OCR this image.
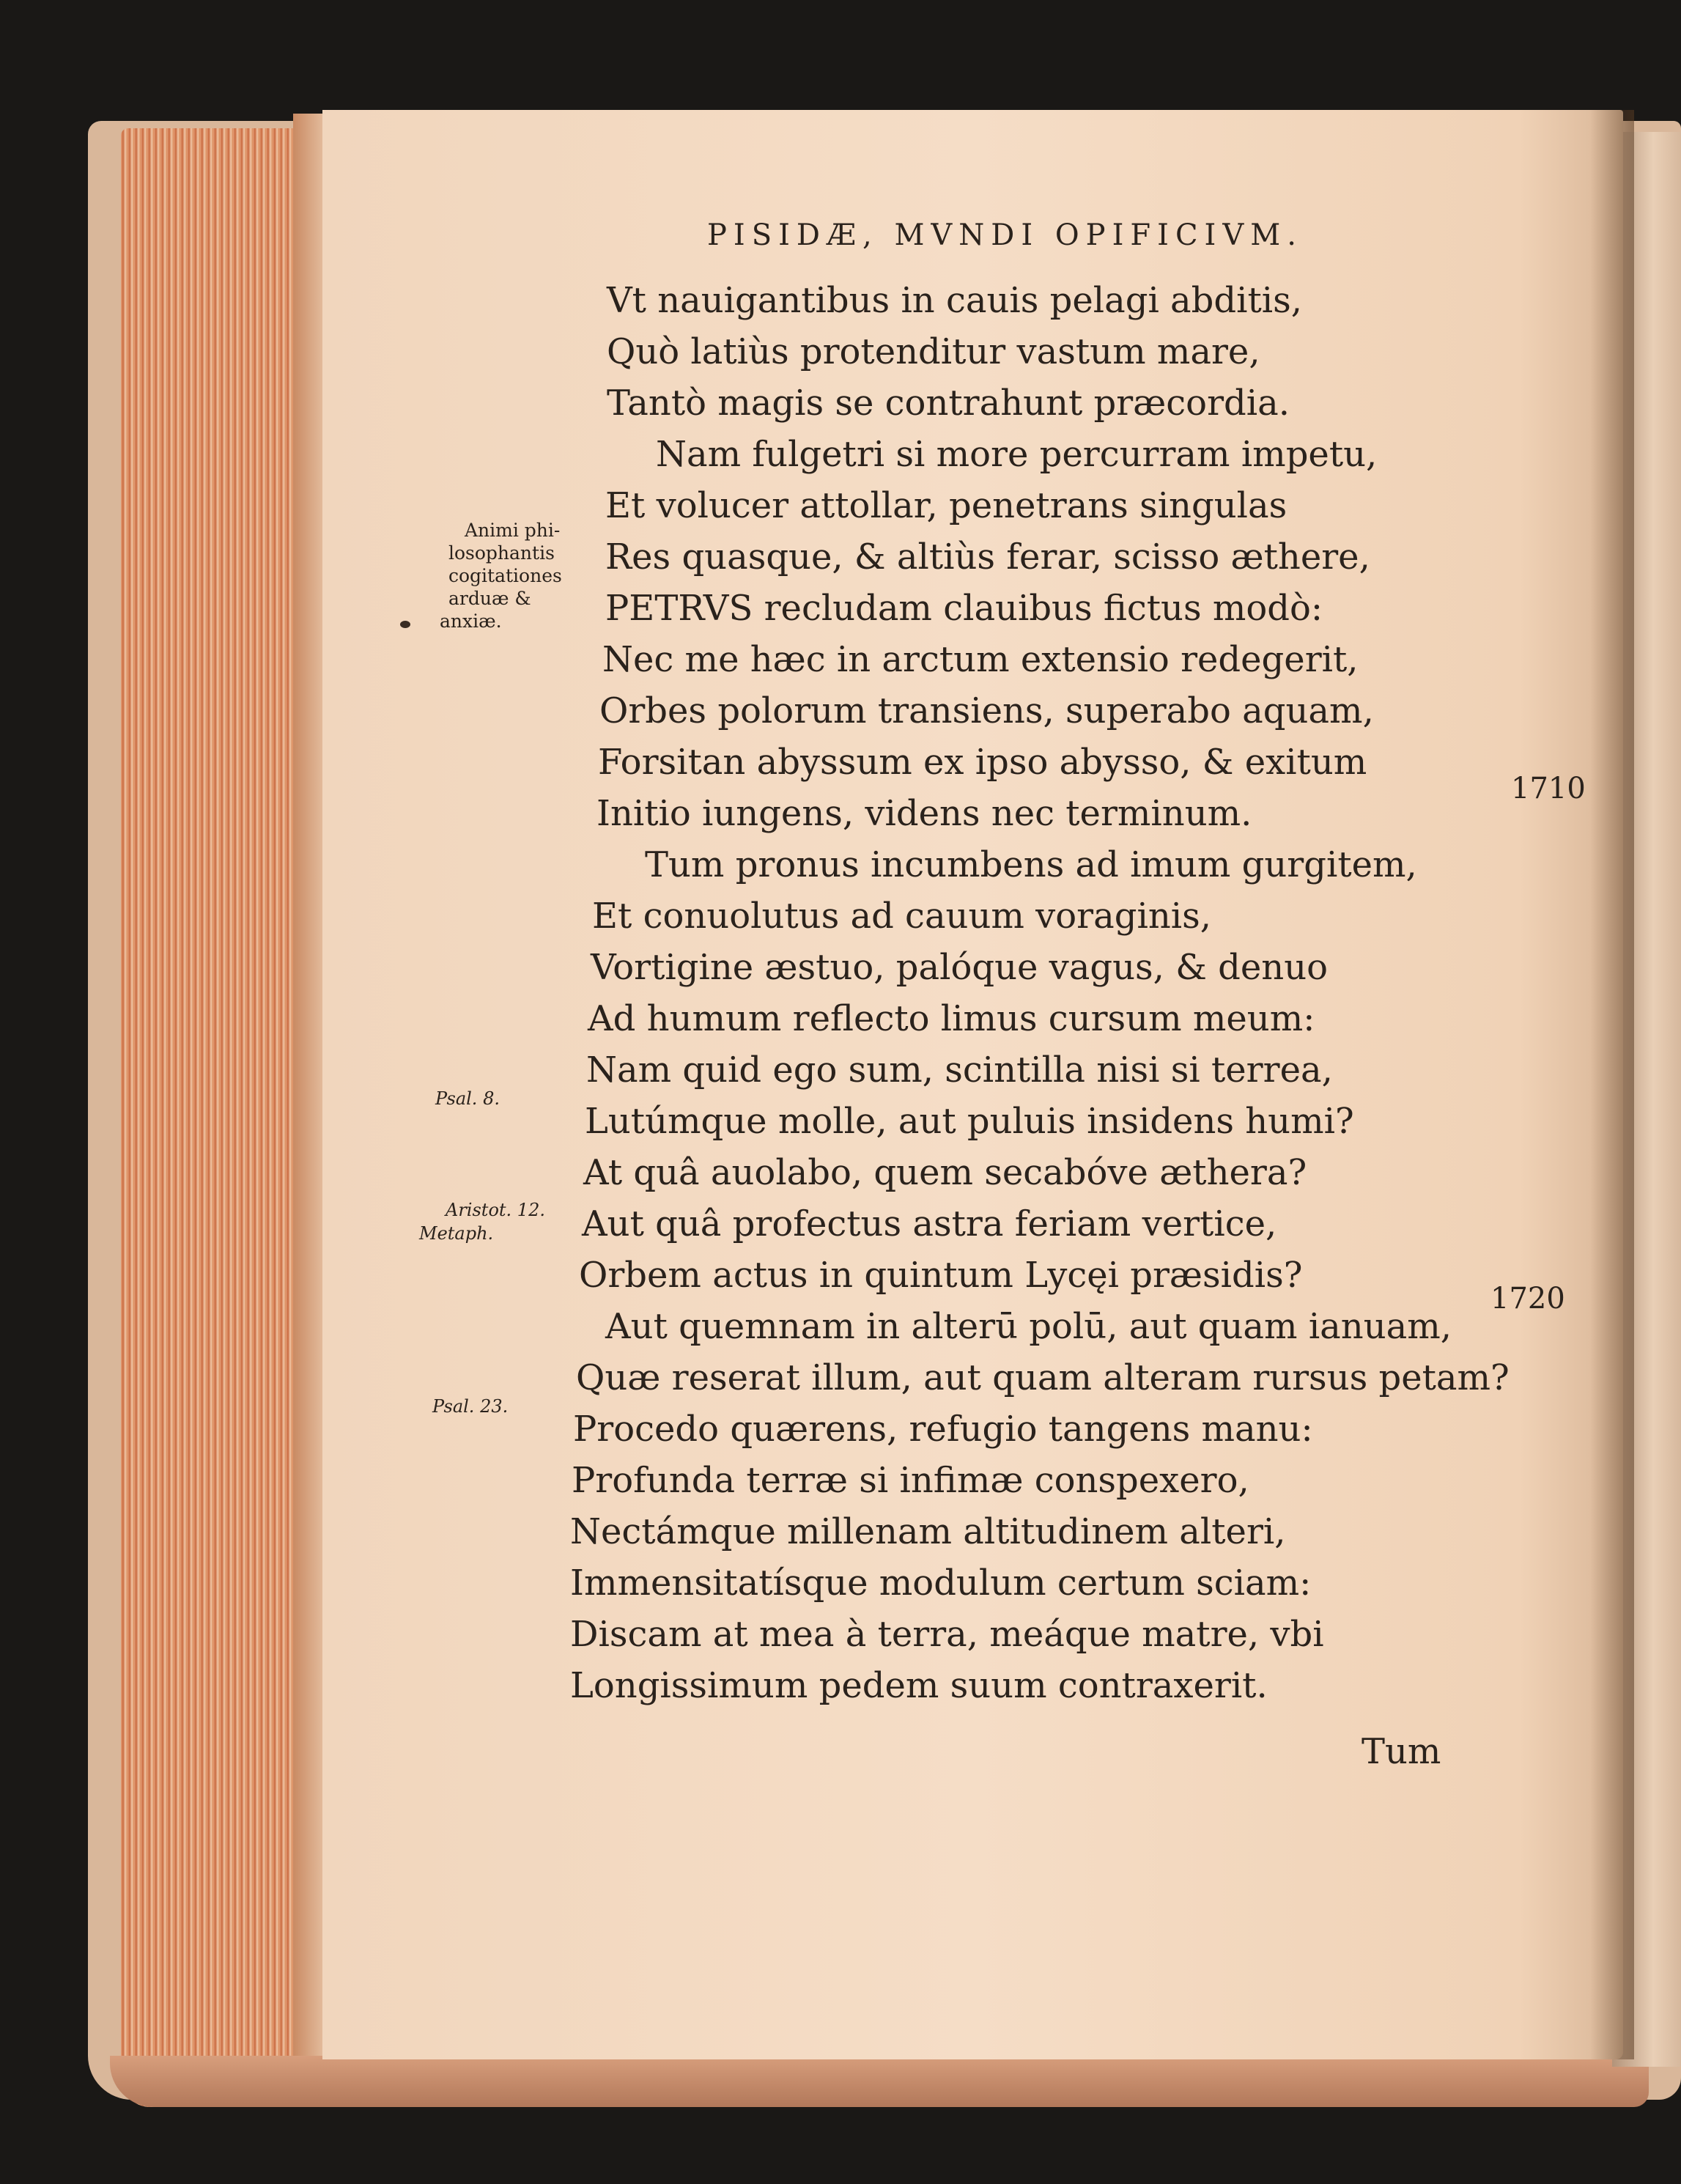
PISIDÆ, MVNDI OPIFICIVM.
Vt nauigantibus in cauis pelagi abditis,
Quò latiùs protenditur vastum mare,
Tantò magis se contrahunt præcordia.
Nam fulgetri si more percurram impetu,
Et volucer attollar, penetrans singulas
Res quasque, & altiùs ferar, scisso æthere,
PETRVS recludam clauibus fictus modò:
Nec me hæc in arctum extensio redegerit,
Orbes polorum transiens, superabo aquam,
Forsitan abyssum ex ipso abysso, & exitum
Initio iungens, videns nec terminum.
Tum pronus incumbens ad imum gurgitem,
Et conuolutus ad cauum voraginis,
Vortigine æstuo, palóque vagus, & denuo
Ad humum reflecto limus cursum meum:
Nam quid ego sum, scintilla nisi si terrea,
Lutúmque molle, aut puluis insidens humi?
At quâ auolabo, quem secabóve æthera?
Aut quâ profectus astra feriam vertice,
Orbem actus in quintum Lycęi præsidis?
Aut quemnam in alterū polū, aut quam ianuam,
Quæ reserat illum, aut quam alteram rursus petam?
Procedo quærens, refugio tangens manu:
Profunda terræ si infimæ conspexero,
Nectámque millenam altitudinem alteri,
Immensitatísque modulum certum sciam:
Discam at mea à terra, meáque matre, vbi
Longissimum pedem suum contraxerit.
Animi phi-
losophantis
cogitationes
arduæ &
anxiæ.
Psal. 8.
Aristot. 12.
Metaph.
Psal. 23.
1710
1720
Tum
